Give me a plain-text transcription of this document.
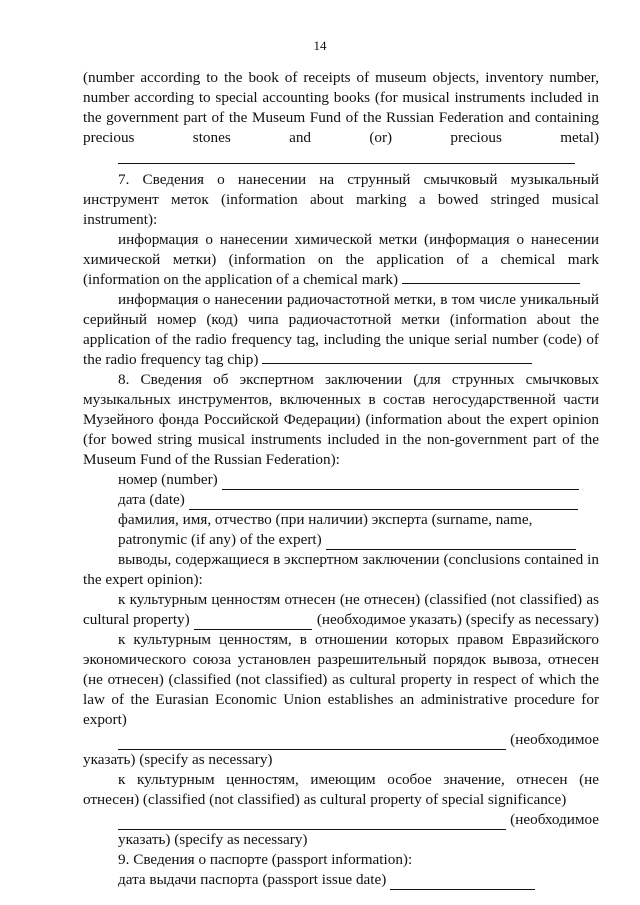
14

(number according to the book of receipts of museum objects, inventory number, number according to special accounting books (for musical instruments included in the government part of the Museum Fund of the Russian Federation and containing precious stones and (or) precious metal)

7. Сведения о нанесении на струнный смычковый музыкальный инструмент меток (information about marking a bowed stringed musical instrument):

информация о нанесении химической метки (информация о нанесении химической метки) (information on the application of a chemical mark (information on the application of a chemical mark)

информация о нанесении радиочастотной метки, в том числе уникальный серийный номер (код) чипа радиочастотной метки (information about the application of the radio frequency tag, including the unique serial number (code) of the radio frequency tag chip)

8. Сведения об экспертном заключении (для струнных смычковых музыкальных инструментов, включенных в состав негосударственной части Музейного фонда Российской Федерации) (information about the expert opinion (for bowed string musical instruments included in the non-government part of the Museum Fund of the Russian Federation):

номер (number)
дата (date)
фамилия, имя, отчество (при наличии) эксперта (surname, name,
patronymic (if any) of the expert)

выводы, содержащиеся в экспертном заключении (conclusions contained in the expert opinion):

к культурным ценностям отнесен (не отнесен) (classified (not classified) as

cultural property)	(необходимое указать) (specify as necessary)

к культурным ценностям, в отношении которых правом Евразийского экономического союза установлен разрешительный порядок вывоза, отнесен (не отнесен) (classified (not classified) as cultural property in respect of which the law of the Eurasian Economic Union establishes an administrative procedure for export)

(необходимое
указать) (specify as necessary)

к культурным ценностям, имеющим особое значение, отнесен (не отнесен) (classified (not classified) as cultural property of special significance)

(необходимое
указать) (specify as necessary)
9. Сведения о паспорте (passport information):
дата выдачи паспорта (passport issue date)
